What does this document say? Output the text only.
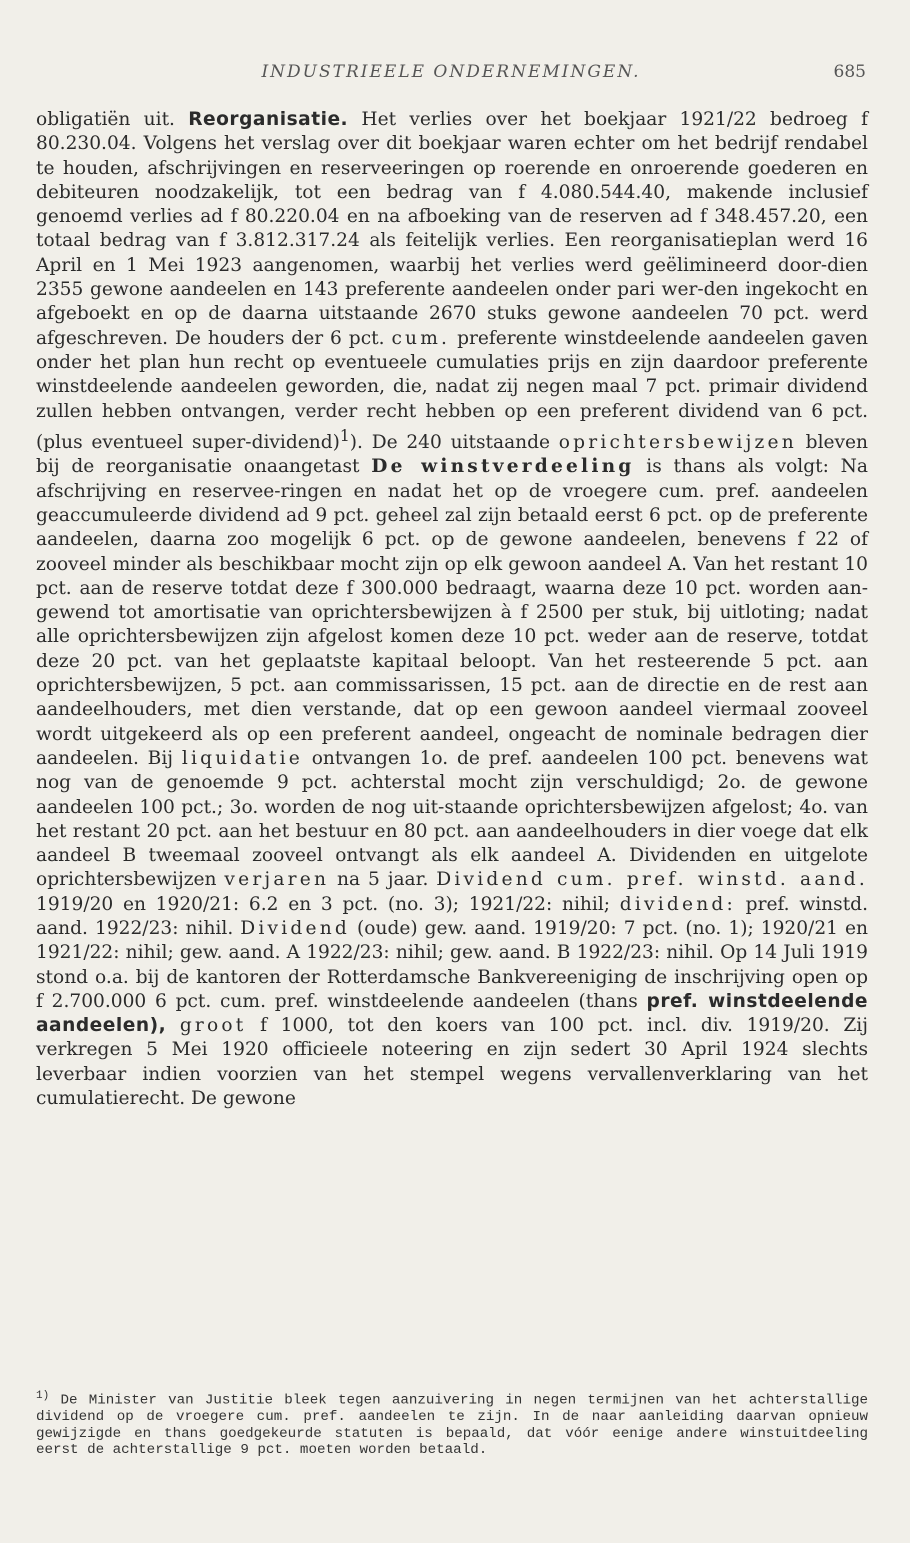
INDUSTRIEELE ONDERNEMINGEN.	685

obligatiën uit. Reorganisatie. Het verlies over het boekjaar 1921/22 bedroeg f 80.230.04. Volgens het verslag over dit boekjaar waren echter om het bedrijf rendabel te houden, afschrijvingen en reserveeringen op roerende en onroerende goederen en debiteuren noodzakelijk, tot een bedrag van f 4.080.544.40, makende inclusief genoemd verlies ad f 80.220.04 en na afboeking van de reserven ad f 348.457.20, een totaal bedrag van f 3.812.317.24 als feitelijk verlies. Een reorganisatieplan werd 16 April en 1 Mei 1923 aangenomen, waarbij het verlies werd geëlimineerd door-dien 2355 gewone aandeelen en 143 preferente aandeelen onder pari wer-den ingekocht en afgeboekt en op de daarna uitstaande 2670 stuks gewone aandeelen 70 pct. werd afgeschreven. De houders der 6 pct. cum. preferente winstdeelende aandeelen gaven onder het plan hun recht op eventueele cumulaties prijs en zijn daardoor preferente winstdeelende aandeelen geworden, die, nadat zij negen maal 7 pct. primair dividend zullen hebben ontvangen, verder recht hebben op een preferent dividend van 6 pct. (plus eventueel super-dividend)$^1$). De 240 uitstaande oprichtersbewijzen bleven bij de reorganisatie onaangetast De winstverdeeling is thans als volgt: Na afschrijving en reservee-ringen en nadat het op de vroegere cum. pref. aandeelen geaccumuleerde dividend ad 9 pct. geheel zal zijn betaald eerst 6 pct. op de preferente aandeelen, daarna zoo mogelijk 6 pct. op de gewone aandeelen, benevens f 22 of zooveel minder als beschikbaar mocht zijn op elk gewoon aandeel A. Van het restant 10 pct. aan de reserve totdat deze f 300.000 bedraagt, waarna deze 10 pct. worden aan-gewend tot amortisatie van oprichtersbewijzen à f 2500 per stuk, bij uitloting; nadat alle oprichtersbewijzen zijn afgelost komen deze 10 pct. weder aan de reserve, totdat deze 20 pct. van het geplaatste kapitaal beloopt. Van het resteerende 5 pct. aan oprichtersbewijzen, 5 pct. aan commissarissen, 15 pct. aan de directie en de rest aan aandeelhouders, met dien verstande, dat op een gewoon aandeel viermaal zooveel wordt uitgekeerd als op een preferent aandeel, ongeacht de nominale bedragen dier aandeelen. Bij liquidatie ontvangen 1o. de pref. aandeelen 100 pct. benevens wat nog van de genoemde 9 pct. achterstal mocht zijn verschuldigd; 2o. de gewone aandeelen 100 pct.; 3o. worden de nog uit-staande oprichtersbewijzen afgelost; 4o. van het restant 20 pct. aan het bestuur en 80 pct. aan aandeelhouders in dier voege dat elk aandeel B tweemaal zooveel ontvangt als elk aandeel A. Dividenden en uitgelote oprichtersbewijzen verjaren na 5 jaar. Dividend cum. pref. winstd. aand. 1919/20 en 1920/21: 6.2 en 3 pct. (no. 3); 1921/22: nihil; dividend: pref. winstd. aand. 1922/23: nihil. Dividend (oude) gew. aand. 1919/20: 7 pct. (no. 1); 1920/21 en 1921/22: nihil; gew. aand. A 1922/23: nihil; gew. aand. B 1922/23: nihil. Op 14 Juli 1919 stond o.a. bij de kantoren der Rotterdamsche Bankvereeniging de inschrijving open op f 2.700.000 6 pct. cum. pref. winstdeelende aandeelen (thans pref. winstdeelende aandeelen), groot f 1000, tot den koers van 100 pct. incl. div. 1919/20. Zij verkregen 5 Mei 1920 officieele noteering en zijn sedert 30 April 1924 slechts leverbaar indien voorzien van het stempel wegens vervallenverklaring van het cumulatierecht. De gewone

$^{1)}$ De Minister van Justitie bleek tegen aanzuivering in negen termijnen van het achterstallige dividend op de vroegere cum. pref. aandeelen te zijn. In de naar aanleiding daarvan opnieuw gewijzigde en thans goedgekeurde statuten is bepaald, dat vóór eenige andere winstuitdeeling eerst de achterstallige 9 pct. moeten worden betaald.
